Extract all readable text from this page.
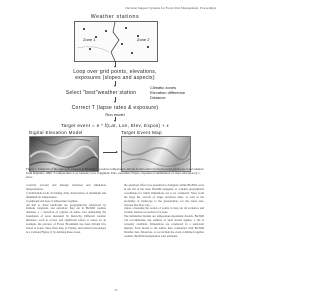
Decision Support Systems for Forest Pest Management, Proceedings
Weather stations
Zone 1	Zone 2
Loop over grid points, elevations,
exposures (slopes and aspects)
Select "best"weather station
Climatic zones
Elevation difference
Distance
Correct T (lapse rates & exposure)
Run model
Target event = e * f(Lat, Lon, Elev, Expos) + ε
Digital Elevation Model	Target Event Map
Figure 1. Diagram of the approach adopted in BioSIM to produce temperature-driven model output (bottom) at the landscape level adapted from Régnière 1996. T, temperature; Lat, latitude; Lon, longitude; Elev, elevation; Expos, exposure (combination of slope and aspect); ε, error.

correctly account and manage inclusion and simulation interpretations.

1) Individuals from circulating daily observations of maximum and minimum air temperatures.

2) Adjacent and area of temperature regimes.

All that is, these landforms are geographically referenced by latitude, longitude, and elevation; they are in BioSIM weather database 1 = Selection of regions all entire area delineating the boundaries of areas measured by hierarchy. Different weather influence, each is correct and significant before it arises. In an example, the preview of Forest Biosimulin has been divided five vision or zones. Since then, Reg. (1 Frank), and related wave-shapes in a Catalan (Figure 1) by defining these zones.

the questions effect was presented to designate within BioSIM, were in the list of the sites. BioSIM designate or contains geographical coordinates for which simulations are to be conducted. Next, from the large list, several of larger elevation units, as well as the proximity of landscape to the gereneration, for the latest area. Anyone that may vary ...

where a meaning the notion of points to map out all scenarios and weather stations as needed to be done.

The simulation models are temperature-dependent models. BioSIM can accommodate any number of such model applies, a list is currently available. Simulations are conducted in a particular manner. Each model is the author here considered with BioSIM Weather data. Moreover, so we include the event combined together weather, BioSIM interpretation each elements.

45
